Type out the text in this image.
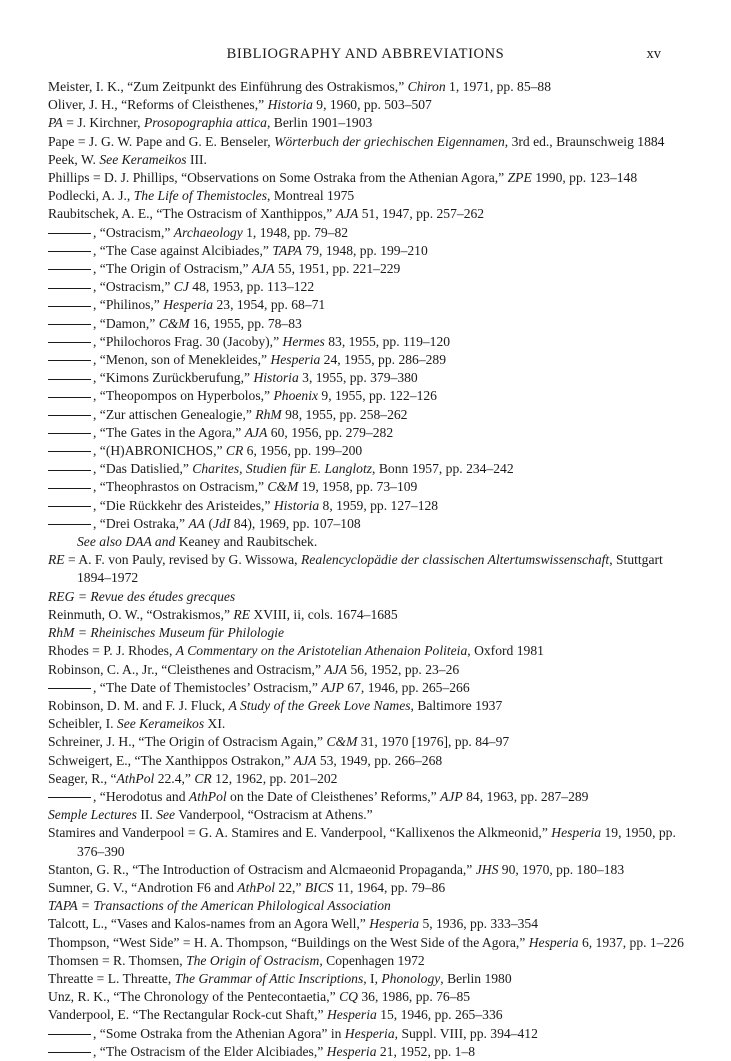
BIBLIOGRAPHY AND ABBREVIATIONS	xv
Meister, I. K., “Zum Zeitpunkt des Einführung des Ostrakismos,” Chiron 1, 1971, pp. 85–88
Oliver, J. H., “Reforms of Cleisthenes,” Historia 9, 1960, pp. 503–507
PA = J. Kirchner, Prosopographia attica, Berlin 1901–1903
Pape = J. G. W. Pape and G. E. Benseler, Wörterbuch der griechischen Eigennamen, 3rd ed., Braunschweig 1884
Peek, W. See Kerameikos III.
Phillips = D. J. Phillips, “Observations on Some Ostraka from the Athenian Agora,” ZPE 1990, pp. 123–148
Podlecki, A. J., The Life of Themistocles, Montreal 1975
Raubitschek, A. E., “The Ostracism of Xanthippos,” AJA 51, 1947, pp. 257–262
, “Ostracism,” Archaeology 1, 1948, pp. 79–82
, “The Case against Alcibiades,” TAPA 79, 1948, pp. 199–210
, “The Origin of Ostracism,” AJA 55, 1951, pp. 221–229
, “Ostracism,” CJ 48, 1953, pp. 113–122
, “Philinos,” Hesperia 23, 1954, pp. 68–71
, “Damon,” C&M 16, 1955, pp. 78–83
, “Philochoros Frag. 30 (Jacoby),” Hermes 83, 1955, pp. 119–120
, “Menon, son of Menekleides,” Hesperia 24, 1955, pp. 286–289
, “Kimons Zurückberufung,” Historia 3, 1955, pp. 379–380
, “Theopompos on Hyperbolos,” Phoenix 9, 1955, pp. 122–126
, “Zur attischen Genealogie,” RhM 98, 1955, pp. 258–262
, “The Gates in the Agora,” AJA 60, 1956, pp. 279–282
, “(H)ABRONICHOS,” CR 6, 1956, pp. 199–200
, “Das Datislied,” Charites, Studien für E. Langlotz, Bonn 1957, pp. 234–242
, “Theophrastos on Ostracism,” C&M 19, 1958, pp. 73–109
, “Die Rückkehr des Aristeides,” Historia 8, 1959, pp. 127–128
, “Drei Ostraka,” AA (JdI 84), 1969, pp. 107–108
See also DAA and Keaney and Raubitschek.
RE = A. F. von Pauly, revised by G. Wissowa, Realencyclopädie der classischen Altertumswissenschaft, Stuttgart 1894–1972
REG = Revue des études grecques
Reinmuth, O. W., “Ostrakismos,” RE XVIII, ii, cols. 1674–1685
RhM = Rheinisches Museum für Philologie
Rhodes = P. J. Rhodes, A Commentary on the Aristotelian Athenaion Politeia, Oxford 1981
Robinson, C. A., Jr., “Cleisthenes and Ostracism,” AJA 56, 1952, pp. 23–26
, “The Date of Themistocles’ Ostracism,” AJP 67, 1946, pp. 265–266
Robinson, D. M. and F. J. Fluck, A Study of the Greek Love Names, Baltimore 1937
Scheibler, I. See Kerameikos XI.
Schreiner, J. H., “The Origin of Ostracism Again,” C&M 31, 1970 [1976], pp. 84–97
Schweigert, E., “The Xanthippos Ostrakon,” AJA 53, 1949, pp. 266–268
Seager, R., “AthPol 22.4,” CR 12, 1962, pp. 201–202
, “Herodotus and AthPol on the Date of Cleisthenes’ Reforms,” AJP 84, 1963, pp. 287–289
Semple Lectures II. See Vanderpool, “Ostracism at Athens.”
Stamires and Vanderpool = G. A. Stamires and E. Vanderpool, “Kallixenos the Alkmeonid,” Hesperia 19, 1950, pp. 376–390
Stanton, G. R., “The Introduction of Ostracism and Alcmaeonid Propaganda,” JHS 90, 1970, pp. 180–183
Sumner, G. V., “Androtion F6 and AthPol 22,” BICS 11, 1964, pp. 79–86
TAPA = Transactions of the American Philological Association
Talcott, L., “Vases and Kalos-names from an Agora Well,” Hesperia 5, 1936, pp. 333–354
Thompson, “West Side” = H. A. Thompson, “Buildings on the West Side of the Agora,” Hesperia 6, 1937, pp. 1–226
Thomsen = R. Thomsen, The Origin of Ostracism, Copenhagen 1972
Threatte = L. Threatte, The Grammar of Attic Inscriptions, I, Phonology, Berlin 1980
Unz, R. K., “The Chronology of the Pentecontaetia,” CQ 36, 1986, pp. 76–85
Vanderpool, E. “The Rectangular Rock-cut Shaft,” Hesperia 15, 1946, pp. 265–336
, “Some Ostraka from the Athenian Agora” in Hesperia, Suppl. VIII, pp. 394–412
, “The Ostracism of the Elder Alcibiades,” Hesperia 21, 1952, pp. 1–8
